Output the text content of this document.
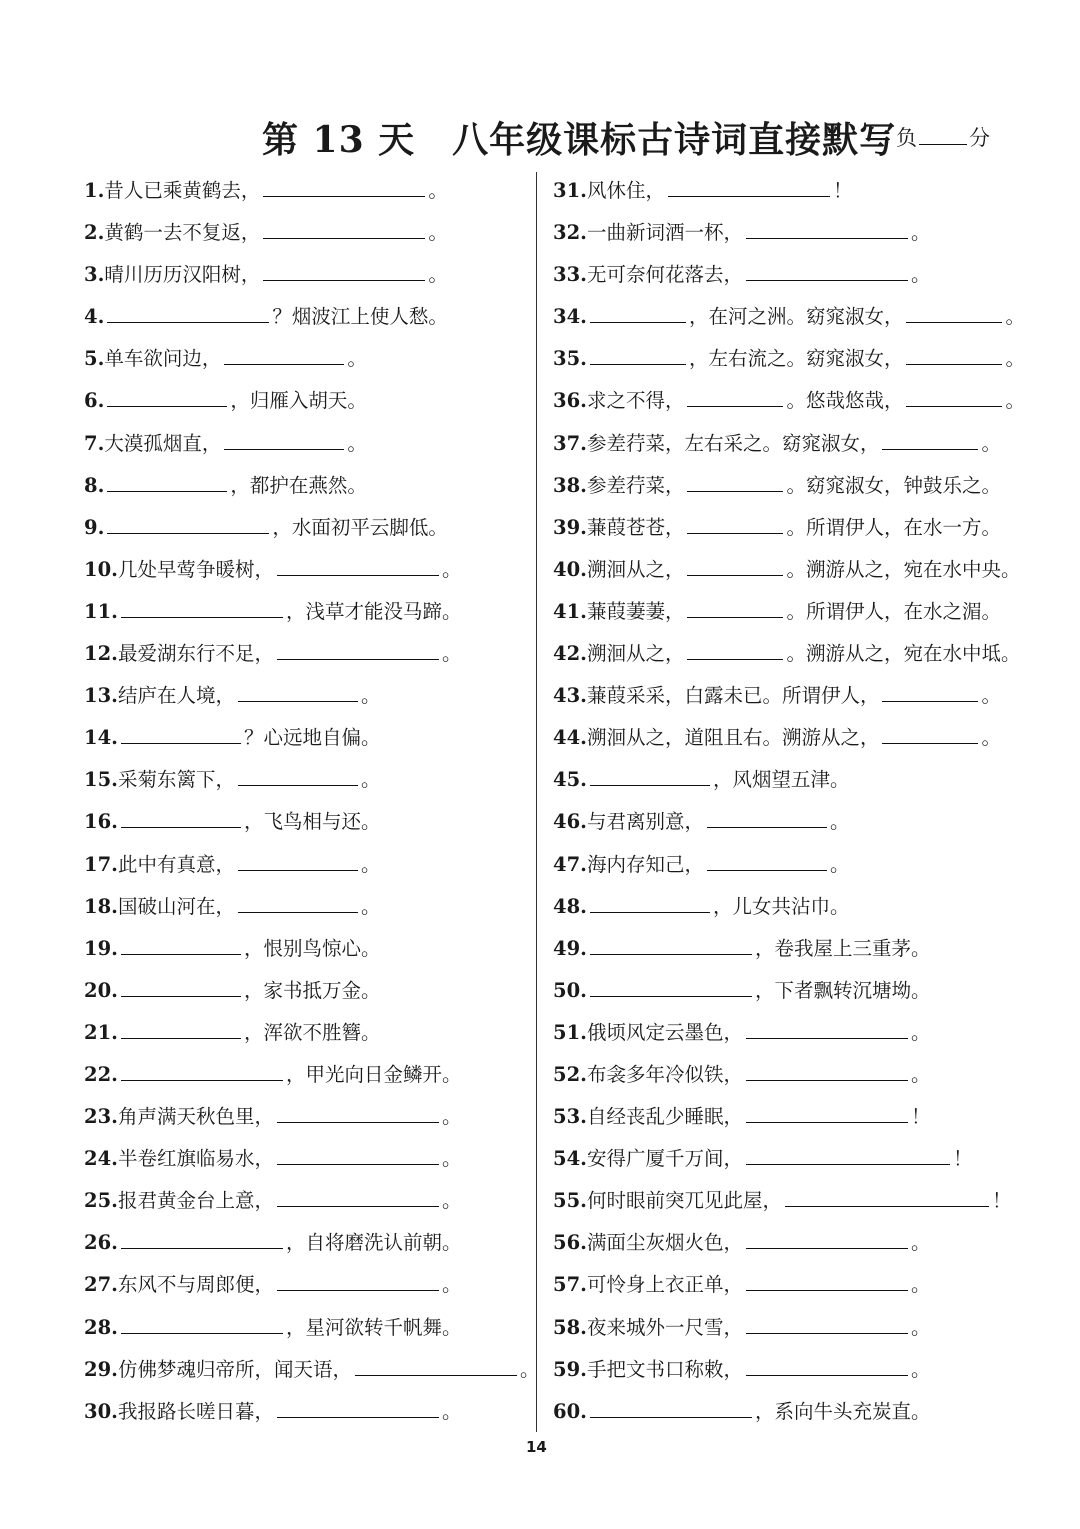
第 13 天　八年级课标古诗词直接默写 负 分
1.昔人已乘黄鹤去，	。
2.黄鹤一去不复返，	。
3.晴川历历汉阳树，	。
4.	？烟波江上使人愁。
5.单车欲问边，	。
6.	，归雁入胡天。
7.大漠孤烟直，	。
8.	，都护在燕然。
9.	，水面初平云脚低。
10.几处早莺争暖树，	。
11.	，浅草才能没马蹄。
12.最爱湖东行不足，	。
13.结庐在人境，	。
14.	？心远地自偏。
15.采菊东篱下，	。
16.	，飞鸟相与还。
17.此中有真意，	。
18.国破山河在，	。
19.	，恨别鸟惊心。
20.	，家书抵万金。
21.	，浑欲不胜簪。
22.	，甲光向日金鳞开。
23.角声满天秋色里，	。
24.半卷红旗临易水，	。
25.报君黄金台上意，	。
26.	，自将磨洗认前朝。
27.东风不与周郎便，	。
28.	，星河欲转千帆舞。
29.仿佛梦魂归帝所，闻天语，	。
30.我报路长嗟日暮，	。
31.风休住，	！
32.一曲新词酒一杯，	。
33.无可奈何花落去，	。
34.	，在河之洲。窈窕淑女，	。
35.	，左右流之。窈窕淑女，	。
36.求之不得，	。悠哉悠哉，	。
37.参差荇菜，左右采之。窈窕淑女，	。
38.参差荇菜，	。窈窕淑女，钟鼓乐之。
39.蒹葭苍苍，	。所谓伊人，在水一方。
40.溯洄从之，	。溯游从之，宛在水中央。
41.蒹葭萋萋，	。所谓伊人，在水之湄。
42.溯洄从之，	。溯游从之，宛在水中坻。
43.蒹葭采采，白露未已。所谓伊人，	。
44.溯洄从之，道阻且右。溯游从之，	。
45.	，风烟望五津。
46.与君离别意，	。
47.海内存知己，	。
48.	，儿女共沾巾。
49.	，卷我屋上三重茅。
50.	，下者飘转沉塘坳。
51.俄顷风定云墨色，	。
52.布衾多年冷似铁，	。
53.自经丧乱少睡眠，	！
54.安得广厦千万间，	！
55.何时眼前突兀见此屋，	！
56.满面尘灰烟火色，	。
57.可怜身上衣正单，	。
58.夜来城外一尺雪，	。
59.手把文书口称敕，	。
60.	，系向牛头充炭直。
14
